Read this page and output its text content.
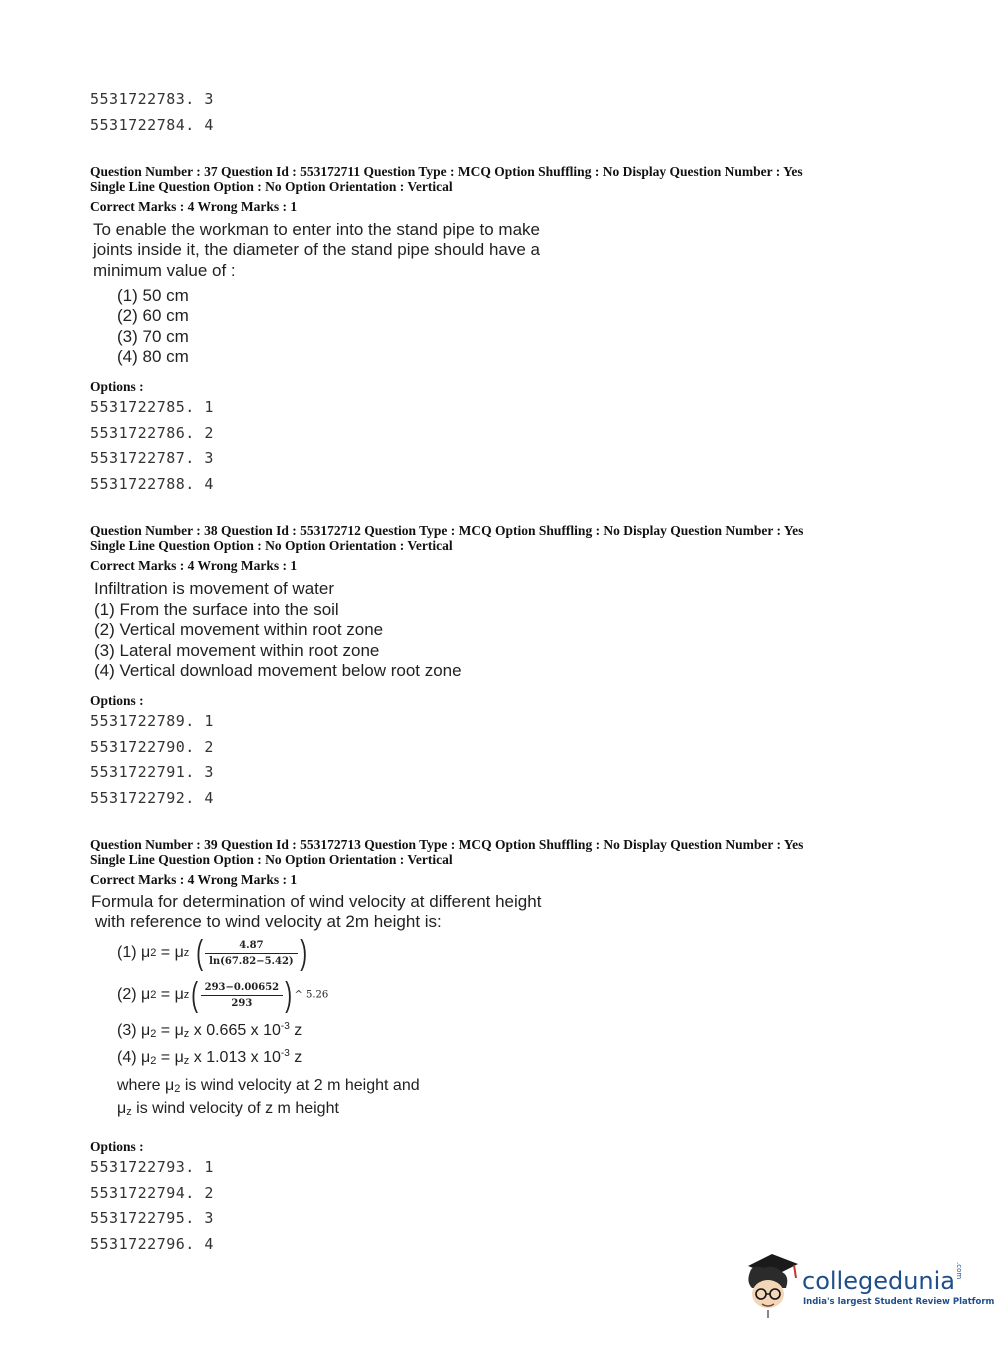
5531722783. 3
5531722784. 4
Question Number : 37 Question Id : 553172711 Question Type : MCQ Option Shuffling : No Display Question Number : Yes
Single Line Question Option : No Option Orientation : Vertical
Correct Marks : 4 Wrong Marks : 1
To enable the workman to enter into the stand pipe to make
joints inside it, the diameter of the stand pipe should have a
minimum value of :
(1) 50 cm
(2) 60 cm
(3) 70 cm
(4) 80 cm
Options :
5531722785. 1
5531722786. 2
5531722787. 3
5531722788. 4
Question Number : 38 Question Id : 553172712 Question Type : MCQ Option Shuffling : No Display Question Number : Yes
Single Line Question Option : No Option Orientation : Vertical
Correct Marks : 4 Wrong Marks : 1
Infiltration is movement of water
(1) From the surface into the soil
(2) Vertical movement within root zone
(3) Lateral movement within root zone
(4) Vertical download movement below root zone
Options :
5531722789. 1
5531722790. 2
5531722791. 3
5531722792. 4
Question Number : 39 Question Id : 553172713 Question Type : MCQ Option Shuffling : No Display Question Number : Yes
Single Line Question Option : No Option Orientation : Vertical
Correct Marks : 4 Wrong Marks : 1
Formula for determination of wind velocity at different height
with reference to wind velocity at 2m height is:
(1) μ2 = μz ( $\frac{4.87}{\ln(67.82-5.42)}$ )
(2) $\mu 2 = \mu z( \frac{293-0.00652}{293}$ ) ^ 5.26
(3) μ2 = μz x 0.665 x $10^{-3}$ z
(4) μ2 = μz x 1.013 x $10^{-3}$ z
where μ2 is wind velocity at 2 m height and
μz is wind velocity of z m height
Options :
5531722793. 1
5531722794. 2
5531722795. 3
5531722796. 4
collegedunia.com
India's largest Student Review Platform
